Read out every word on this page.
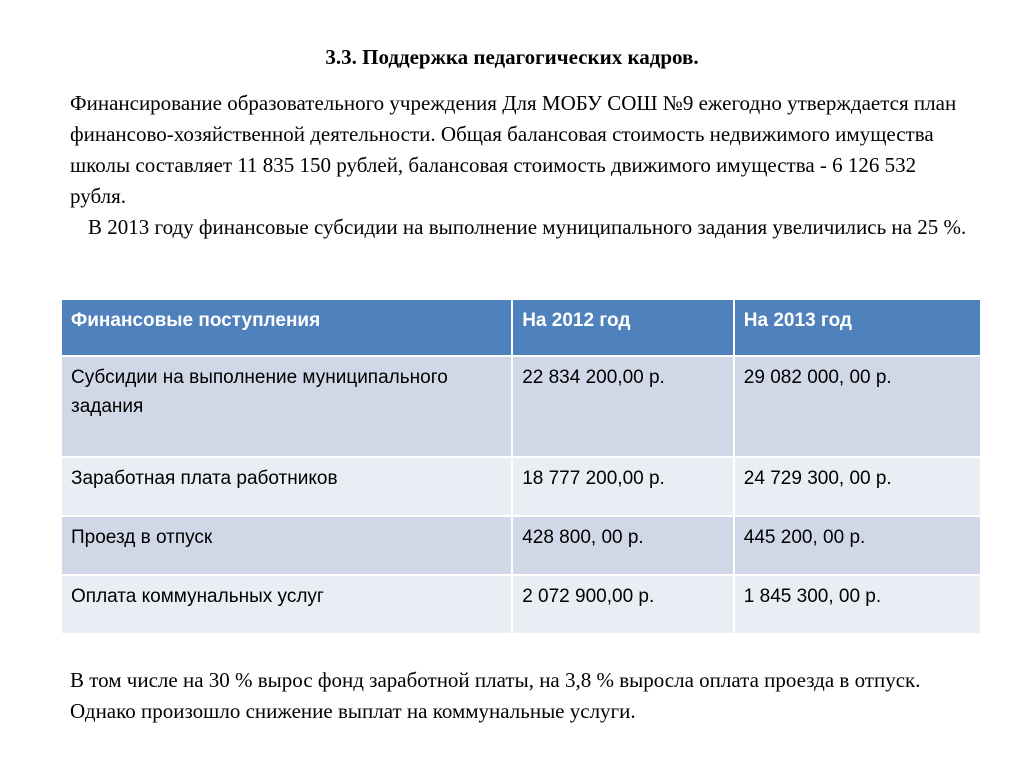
3.3. Поддержка педагогических кадров.

Финансирование образовательного учреждения Для МОБУ СОШ №9 ежегодно утверждается план финансово-хозяйственной деятельности. Общая балансовая стоимость недвижимого имущества школы составляет 11 835 150 рублей, балансовая стоимость движимого имущества - 6 126 532 рубля.

В 2013 году финансовые субсидии на выполнение муниципального задания увеличились на 25 %.

Финансовые поступления	На 2012 год	На 2013 год
Субсидии на выполнение муниципального задания	22 834 200,00 р.	29 082 000, 00 р.
Заработная плата работников	18 777 200,00 р.	24 729 300, 00 р.
Проезд в отпуск	428 800, 00 р.	445 200, 00 р.
Оплата коммунальных услуг	2 072 900,00 р.	1 845 300, 00 р.

В том числе на 30 % вырос фонд заработной платы, на 3,8 % выросла оплата проезда в отпуск. Однако произошло снижение выплат на коммунальные услуги.
